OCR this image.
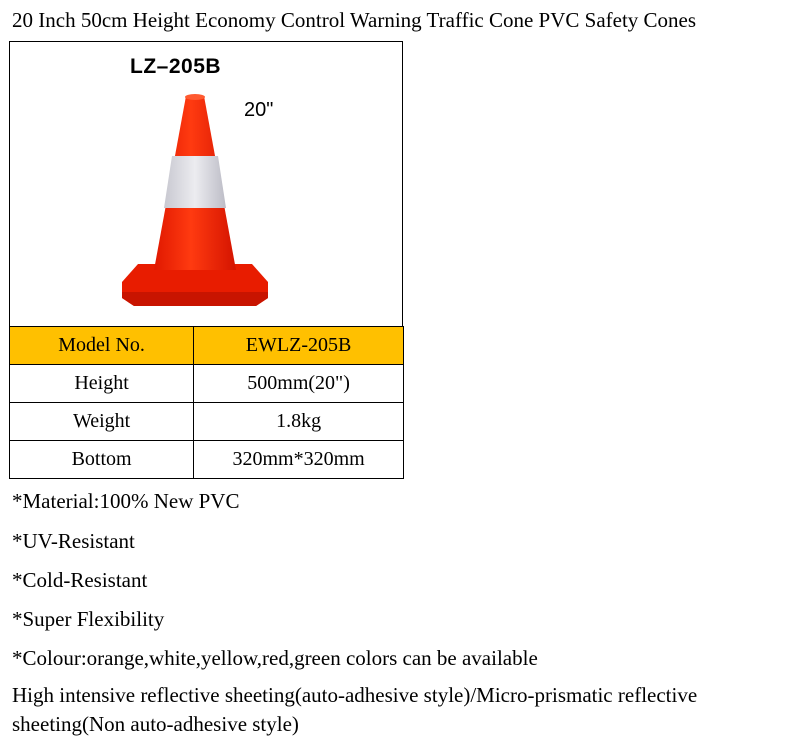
20 Inch 50cm Height Economy Control Warning Traffic Cone PVC Safety Cones
LZ–205B
20"
Model No.	EWLZ-205B
Height	500mm(20")
Weight	1.8kg
Bottom	320mm*320mm
*Material:100% New PVC
*UV-Resistant
*Cold-Resistant
*Super Flexibility
*Colour:orange,white,yellow,red,green colors can be available
High intensive reflective sheeting(auto-adhesive style)/Micro-prismatic reflective sheeting(Non auto-adhesive style)
